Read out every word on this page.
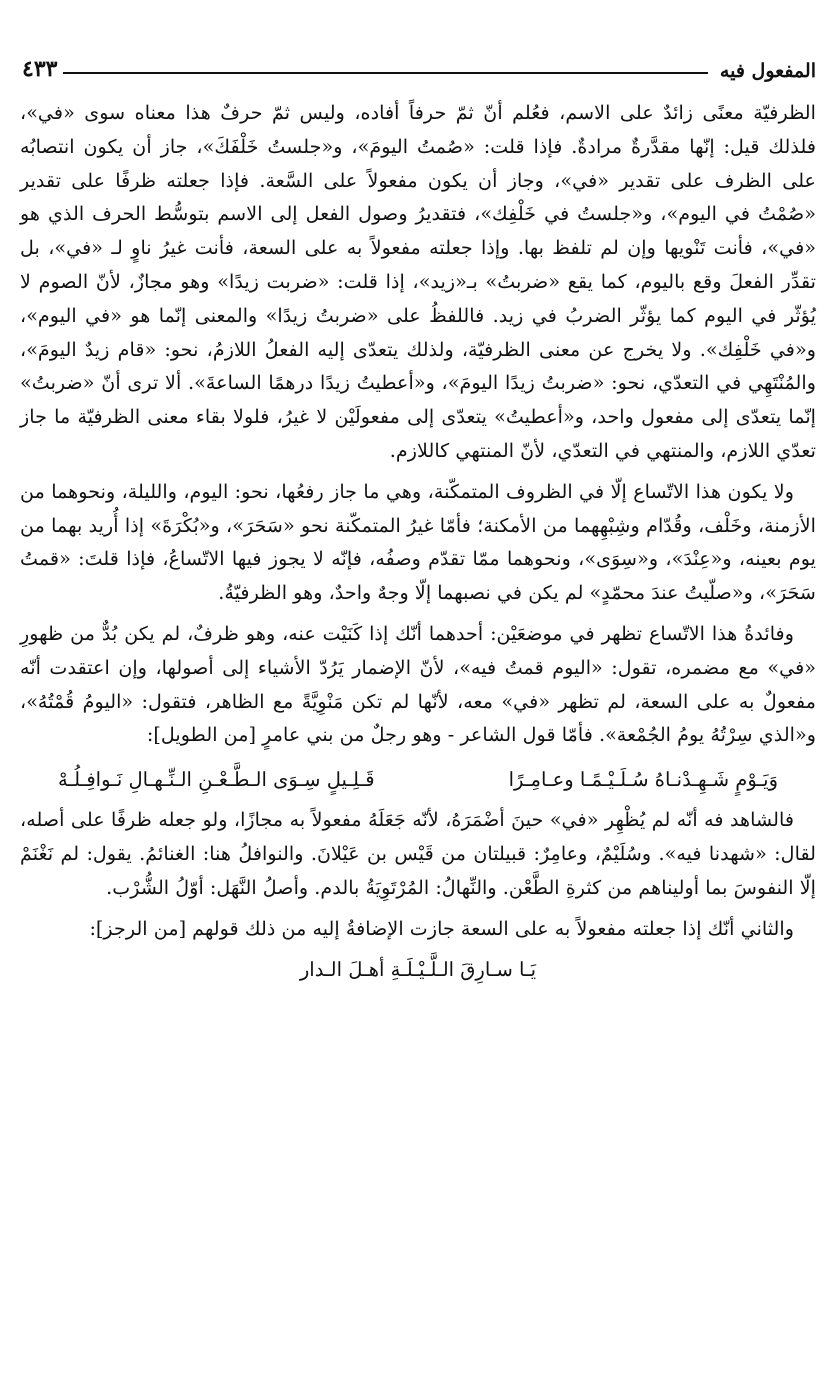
المفعول فيه
٤٣٣

الظرفيّة معنًى زائدٌ على الاسم، فعُلم أنّ ثمّ حرفاً أفاده، وليس ثمّ حرفٌ هذا معناه سوى «في»، فلذلك قيل: إنّها مقدَّرةٌ مرادةٌ. فإذا قلت: «صُمتُ اليومَ»، و«جلستُ خَلْفَكَ»، جاز أن يكون انتصابُه على الظرف على تقدير «في»، وجاز أن يكون مفعولاً على السَّعة. فإذا جعلته ظرفًا على تقدير «صُمْتُ في اليوم»، و«جلستُ في خَلْفِك»، فتقديرُ وصول الفعل إلى الاسم بتوسُّط الحرف الذي هو «في»، فأنت تَنْويها وإن لم تلفظ بها. وإذا جعلته مفعولاً به على السعة، فأنت غيرُ ناوٍ لـ «في»، بل تقدِّر الفعلَ وقع باليوم، كما يقع «ضربتُ» بـ«زيد»، إذا قلت: «ضربت زيدًا» وهو مجازٌ، لأنّ الصوم لا يُؤثّر في اليوم كما يؤثّر الضربُ في زيد. فاللفظُ على «ضربتُ زيدًا» والمعنى إنّما هو «في اليوم»، و«في خَلْفِك». ولا يخرج عن معنى الظرفيّة، ولذلك يتعدّى إليه الفعلُ اللازمُ، نحو: «قام زيدٌ اليومَ»، والمُنْتَهِي في التعدّي، نحو: «ضربتُ زيدًا اليومَ»، و«أعطيتُ زيدًا درهمًا الساعةَ». ألا ترى أنّ «ضربتُ» إنّما يتعدّى إلى مفعول واحد، و«أعطيتُ» يتعدّى إلى مفعولَيْن لا غيرُ، فلولا بقاء معنى الظرفيّة ما جاز تعدّي اللازم، والمنتهي في التعدّي، لأنّ المنتهي كاللازم.

ولا يكون هذا الاتّساع إلّا في الظروف المتمكّنة، وهي ما جاز رفعُها، نحو: اليوم، والليلة، ونحوهما من الأزمنة، وخَلْف، وقُدّام وشِبْهِهما من الأمكنة؛ فأمّا غيرُ المتمكّنة نحو «سَحَرَ»، و«بُكْرَةَ» إذا أُريد بهما من يوم بعينه، و«عِنْدَ»، و«سِوَى»، ونحوهما ممّا تقدّم وصفُه، فإنّه لا يجوز فيها الاتّساعُ، فإذا قلتَ: «قمتُ سَحَرَ»، و«صلّيتُ عندَ محمّدٍ» لم يكن في نصبهما إلّا وجهٌ واحدٌ، وهو الظرفيّةُ.

وفائدةُ هذا الاتّساع تظهر في موضعَيْن: أحدهما أنّك إذا كَنَيْت عنه، وهو ظرفٌ، لم يكن بُدٌّ من ظهورِ «في» مع مضمره، تقول: «اليوم قمتُ فيه»، لأنّ الإضمار يَرُدّ الأشياء إلى أصولها، وإن اعتقدت أنّه مفعولٌ به على السعة، لم تظهر «في» معه، لأنّها لم تكن مَنْوِيَّةً مع الظاهر، فتقول: «اليومُ قُمْتُهُ»، و«الذي سِرْتُهُ يومُ الجُمْعة». فأمّا قول الشاعر - وهو رجلٌ من بني عامرٍ [من الطويل]:

وَيَـوْمٍ شَـهِـدْنـاهُ سُـلَـيْـمًـا وعـامِـرًا
قَـلِـيلٍ سِـوَى الـطَّـعْـنِ الـنِّـهـالِ نَـوافِـلُـهْ

فالشاهد فه أنّه لم يُظْهِر «في» حينَ أضْمَرَهُ، لأنّه جَعَلَهُ مفعولاً به مجازًا، ولو جعله ظرفًا على أصله، لقال: «شهدنا فيه». وسُلَيْمٌ، وعامِرٌ: قبيلتان من قَيْس بن عَيْلانَ. والنوافلُ هنا: الغنائمُ. يقول: لم نَغْنَمْ إلّا النفوسَ بما أوليناهم من كثرةِ الطَّعْن. والنِّهالُ: المُرْتَوِيَةُ بالدم. وأصلُ النَّهَل: أوّلُ الشُّرْب.

والثاني أنّك إذا جعلته مفعولاً به على السعة جازت الإضافةُ إليه من ذلك قولهم [من الرجز]:

يَـا سـارِقَ الـلَّـيْـلَـةِ أهـلَ الـدار
